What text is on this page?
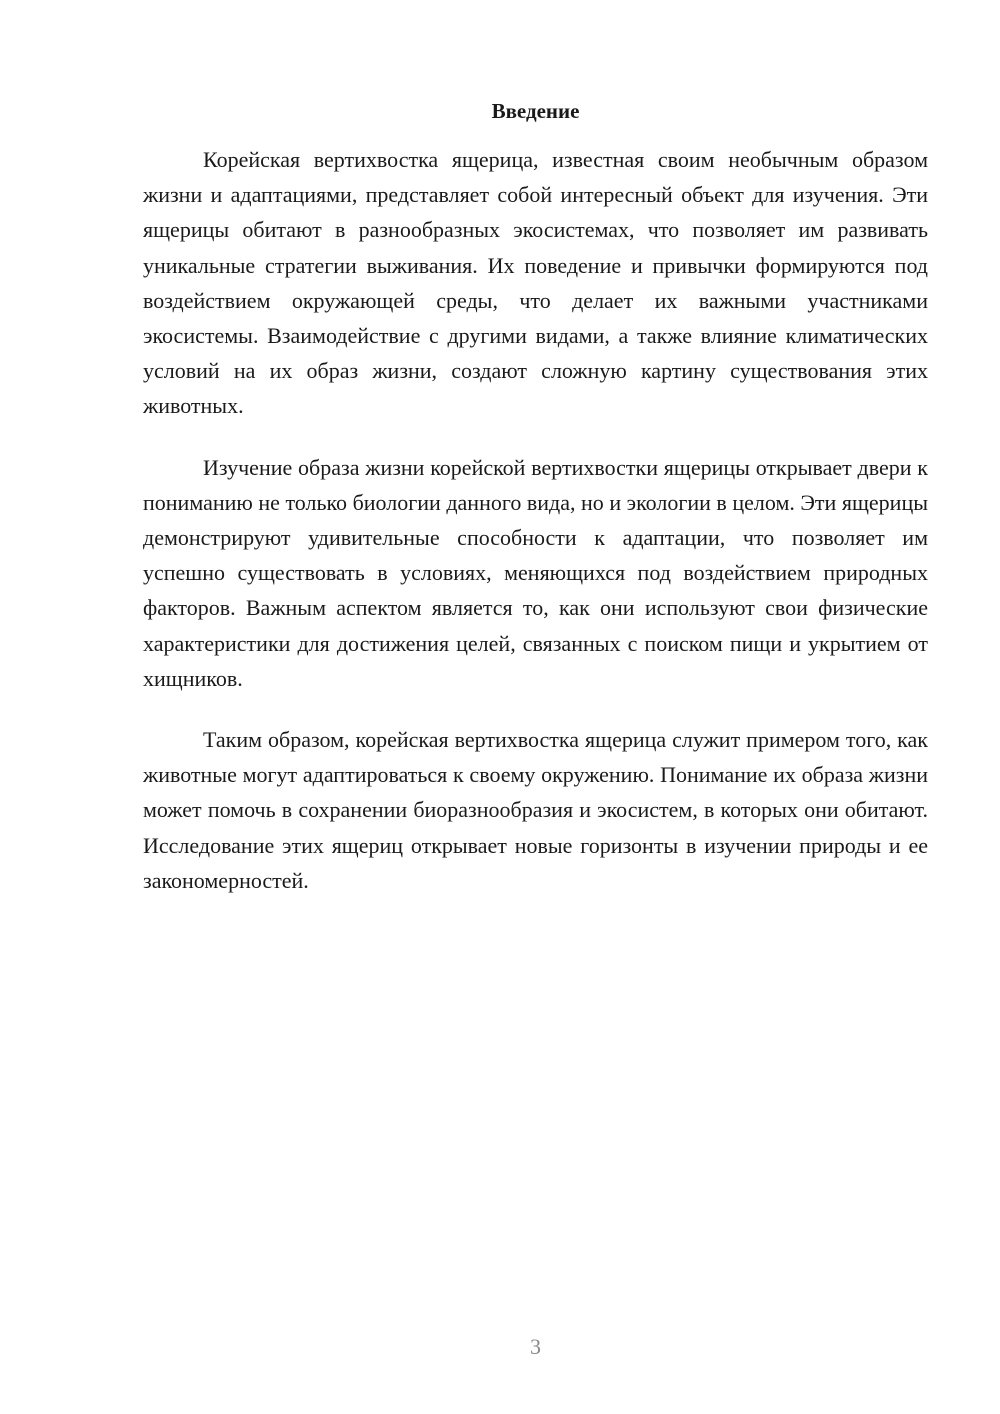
Введение

Корейская вертихвостка ящерица, известная своим необычным образом жизни и адаптациями, представляет собой интересный объект для изучения. Эти ящерицы обитают в разнообразных экосистемах, что позволяет им развивать уникальные стратегии выживания. Их поведение и привычки формируются под воздействием окружающей среды, что делает их важными участниками экосистемы. Взаимодействие с другими видами, а также влияние климатических условий на их образ жизни, создают сложную картину существования этих животных.

Изучение образа жизни корейской вертихвостки ящерицы открывает двери к пониманию не только биологии данного вида, но и экологии в целом. Эти ящерицы демонстрируют удивительные способности к адаптации, что позволяет им успешно существовать в условиях, меняющихся под воздействием природных факторов. Важным аспектом является то, как они используют свои физические характеристики для достижения целей, связанных с поиском пищи и укрытием от хищников.

Таким образом, корейская вертихвостка ящерица служит примером того, как животные могут адаптироваться к своему окружению. Понимание их образа жизни может помочь в сохранении биоразнообразия и экосистем, в которых они обитают. Исследование этих ящериц открывает новые горизонты в изучении природы и ее закономерностей.

3
